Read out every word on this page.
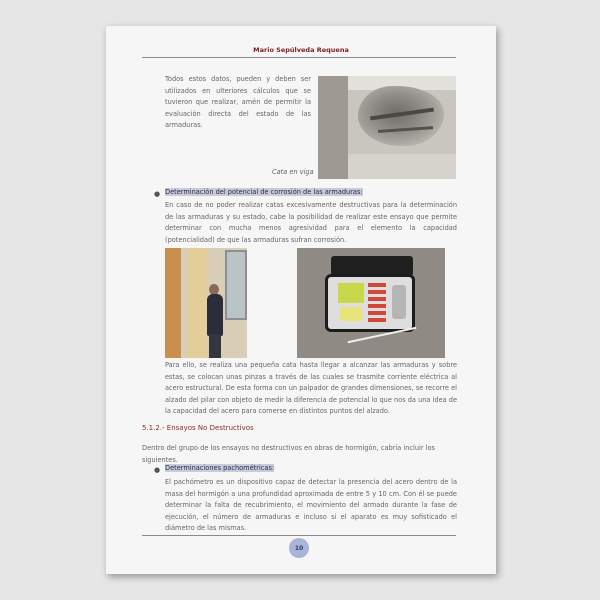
Mario Sepúlveda Requena
Todos estos datos, pueden y deben ser utilizados en ulteriores cálculos que se tuvieron que realizar, amén de permitir la evaluación directa del estado de las armaduras.
Cata en viga
● Determinación del potencial de corrosión de las armaduras:
En caso de no poder realizar catas excesivamente destructivas para la determinación de las armaduras y su estado, cabe la posibilidad de realizar este ensayo que permite determinar con mucha menos agresividad para el elemento la capacidad (potencialidad) de que las armaduras sufran corrosión.
Para ello, se realiza una pequeña cata hasta llegar a alcanzar las armaduras y sobre estas, se colocan unas pinzas a través de las cuales se trasmite corriente eléctrica al acero estructural. De esta forma con un palpador de grandes dimensiones, se recorre el alzado del pilar con objeto de medir la diferencia de potencial lo que nos da una idea de la capacidad del acero para comerse en distintos puntos del alzado.
5.1.2.- Ensayos No Destructivos
Dentro del grupo de los ensayos no destructivos en obras de hormigón, cabría incluir los siguientes.
● Determinaciones pachométricas:
El pachómetro es un dispositivo capaz de detectar la presencia del acero dentro de la masa del hormigón a una profundidad aproximada de entre 5 y 10 cm. Con él se puede determinar la falta de recubrimiento, el movimiento del armado durante la fase de ejecución, el número de armaduras e incluso si el aparato es muy sofisticado el diámetro de las mismas.
10
